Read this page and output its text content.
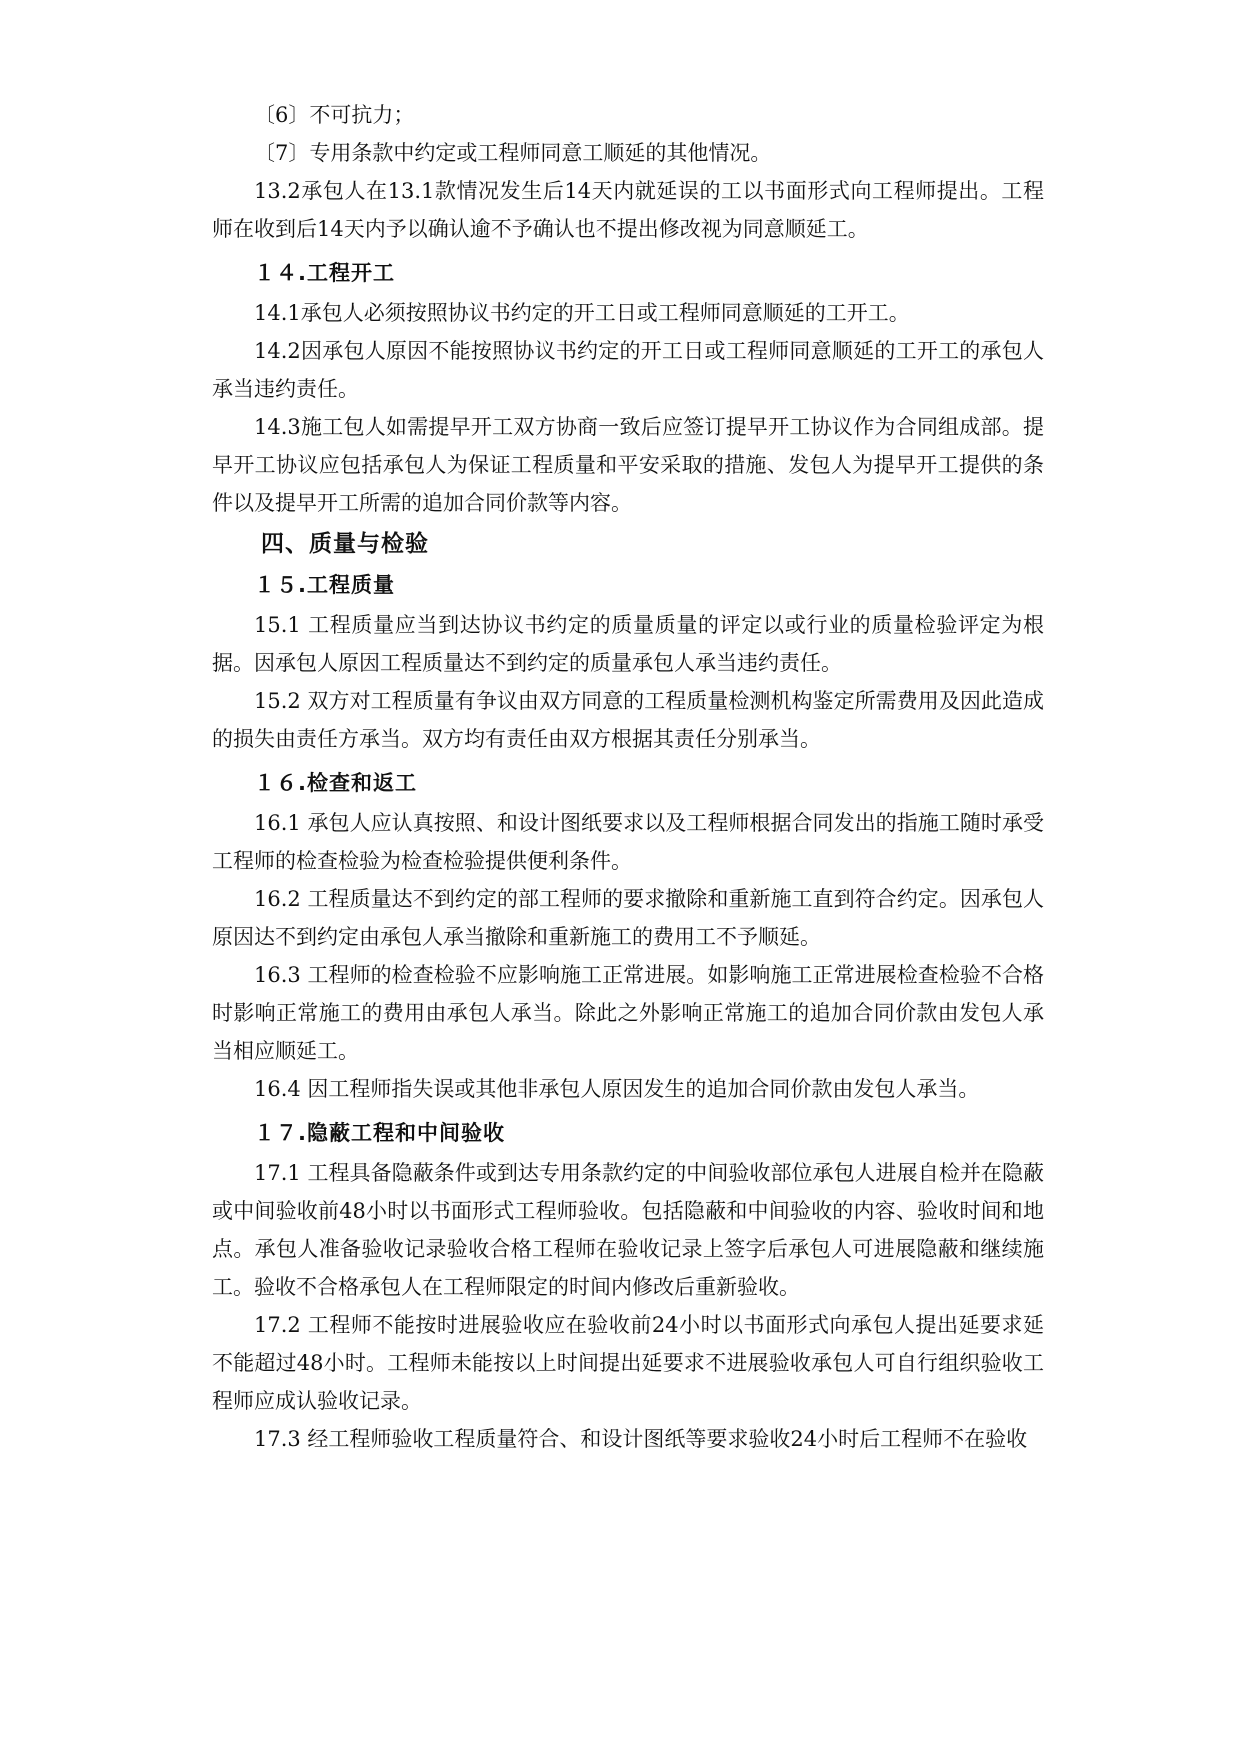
〔6〕不可抗力；

〔7〕专用条款中约定或工程师同意工顺延的其他情况。

13.2承包人在13.1款情况发生后14天内就延误的工以书面形式向工程师提出。工程师在收到后14天内予以确认逾不予确认也不提出修改视为同意顺延工。

１４.工程开工

14.1承包人必须按照协议书约定的开工日或工程师同意顺延的工开工。

14.2因承包人原因不能按照协议书约定的开工日或工程师同意顺延的工开工的承包人承当违约责任。

14.3施工包人如需提早开工双方协商一致后应签订提早开工协议作为合同组成部。提早开工协议应包括承包人为保证工程质量和平安采取的措施、发包人为提早开工提供的条件以及提早开工所需的追加合同价款等内容。

四、质量与检验
１５.工程质量

15.1 工程质量应当到达协议书约定的质量质量的评定以或行业的质量检验评定为根据。因承包人原因工程质量达不到约定的质量承包人承当违约责任。

15.2 双方对工程质量有争议由双方同意的工程质量检测机构鉴定所需费用及因此造成的损失由责任方承当。双方均有责任由双方根据其责任分别承当。

１６.检查和返工

16.1 承包人应认真按照、和设计图纸要求以及工程师根据合同发出的指施工随时承受工程师的检查检验为检查检验提供便利条件。

16.2 工程质量达不到约定的部工程师的要求撤除和重新施工直到符合约定。因承包人原因达不到约定由承包人承当撤除和重新施工的费用工不予顺延。

16.3 工程师的检查检验不应影响施工正常进展。如影响施工正常进展检查检验不合格时影响正常施工的费用由承包人承当。除此之外影响正常施工的追加合同价款由发包人承当相应顺延工。

16.4 因工程师指失误或其他非承包人原因发生的追加合同价款由发包人承当。

１７.隐蔽工程和中间验收

17.1 工程具备隐蔽条件或到达专用条款约定的中间验收部位承包人进展自检并在隐蔽或中间验收前48小时以书面形式工程师验收。包括隐蔽和中间验收的内容、验收时间和地点。承包人准备验收记录验收合格工程师在验收记录上签字后承包人可进展隐蔽和继续施工。验收不合格承包人在工程师限定的时间内修改后重新验收。

17.2 工程师不能按时进展验收应在验收前24小时以书面形式向承包人提出延要求延不能超过48小时。工程师未能按以上时间提出延要求不进展验收承包人可自行组织验收工程师应成认验收记录。

17.3 经工程师验收工程质量符合、和设计图纸等要求验收24小时后工程师不在验收
